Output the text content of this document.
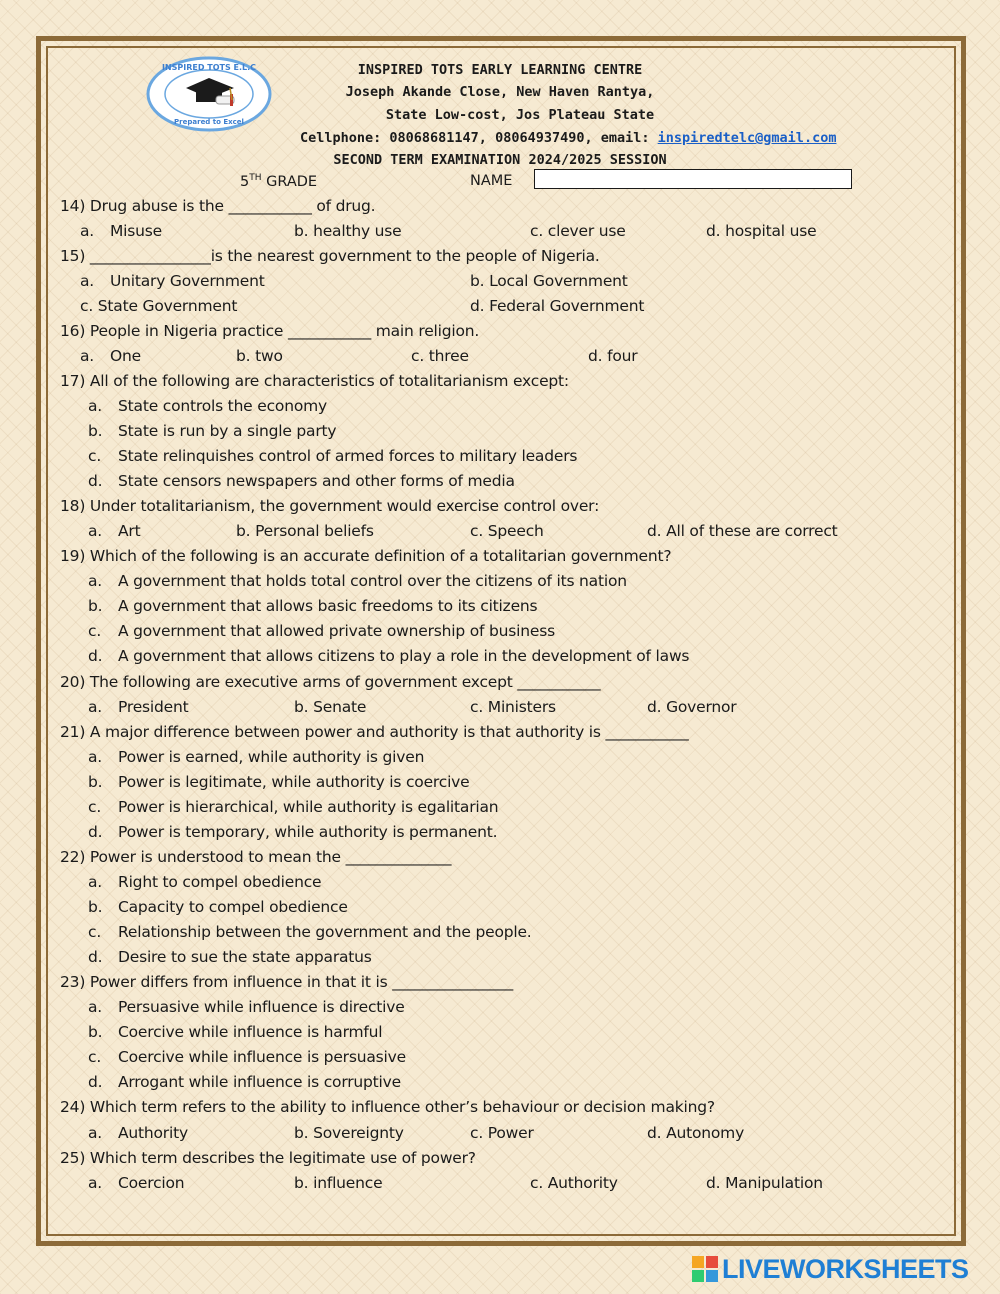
INSPIRED TOTS E.L.C
Prepared to Excel
INSPIRED TOTS EARLY LEARNING CENTRE
Joseph Akande Close, New Haven Rantya,
State Low-cost, Jos Plateau State
Cellphone: 08068681147, 08064937490, email: inspiredtelc@gmail.com
SECOND TERM EXAMINATION 2024/2025 SESSION
5TH GRADE	NAME
14) Drug abuse is the ___________ of drug.
a. Misuse	b. healthy use	c. clever use	d. hospital use
15) ________________is the nearest government to the people of Nigeria.
a. Unitary Government	b. Local Government
c. State Government	d. Federal Government
16) People in Nigeria practice ___________ main religion.
a. One	b. two	c. three	d. four
17) All of the following are characteristics of totalitarianism except:
a. State controls the economy
b. State is run by a single party
c. State relinquishes control of armed forces to military leaders
d. State censors newspapers and other forms of media
18) Under totalitarianism, the government would exercise control over:
a. Art	b. Personal beliefs	c. Speech	d. All of these are correct
19) Which of the following is an accurate definition of a totalitarian government?
a. A government that holds total control over the citizens of its nation
b. A government that allows basic freedoms to its citizens
c. A government that allowed private ownership of business
d. A government that allows citizens to play a role in the development of laws
20) The following are executive arms of government except ___________
a. President	b. Senate	c. Ministers	d. Governor
21) A major difference between power and authority is that authority is ___________
a. Power is earned, while authority is given
b. Power is legitimate, while authority is coercive
c. Power is hierarchical, while authority is egalitarian
d. Power is temporary, while authority is permanent.
22) Power is understood to mean the ______________
a. Right to compel obedience
b. Capacity to compel obedience
c. Relationship between the government and the people.
d. Desire to sue the state apparatus
23) Power differs from influence in that it is ________________
a. Persuasive while influence is directive
b. Coercive while influence is harmful
c. Coercive while influence is persuasive
d. Arrogant while influence is corruptive
24) Which term refers to the ability to influence other’s behaviour or decision making?
a. Authority	b. Sovereignty	c. Power	d. Autonomy
25) Which term describes the legitimate use of power?
a. Coercion	b. influence	c. Authority	d. Manipulation
LIVEWORKSHEETS
